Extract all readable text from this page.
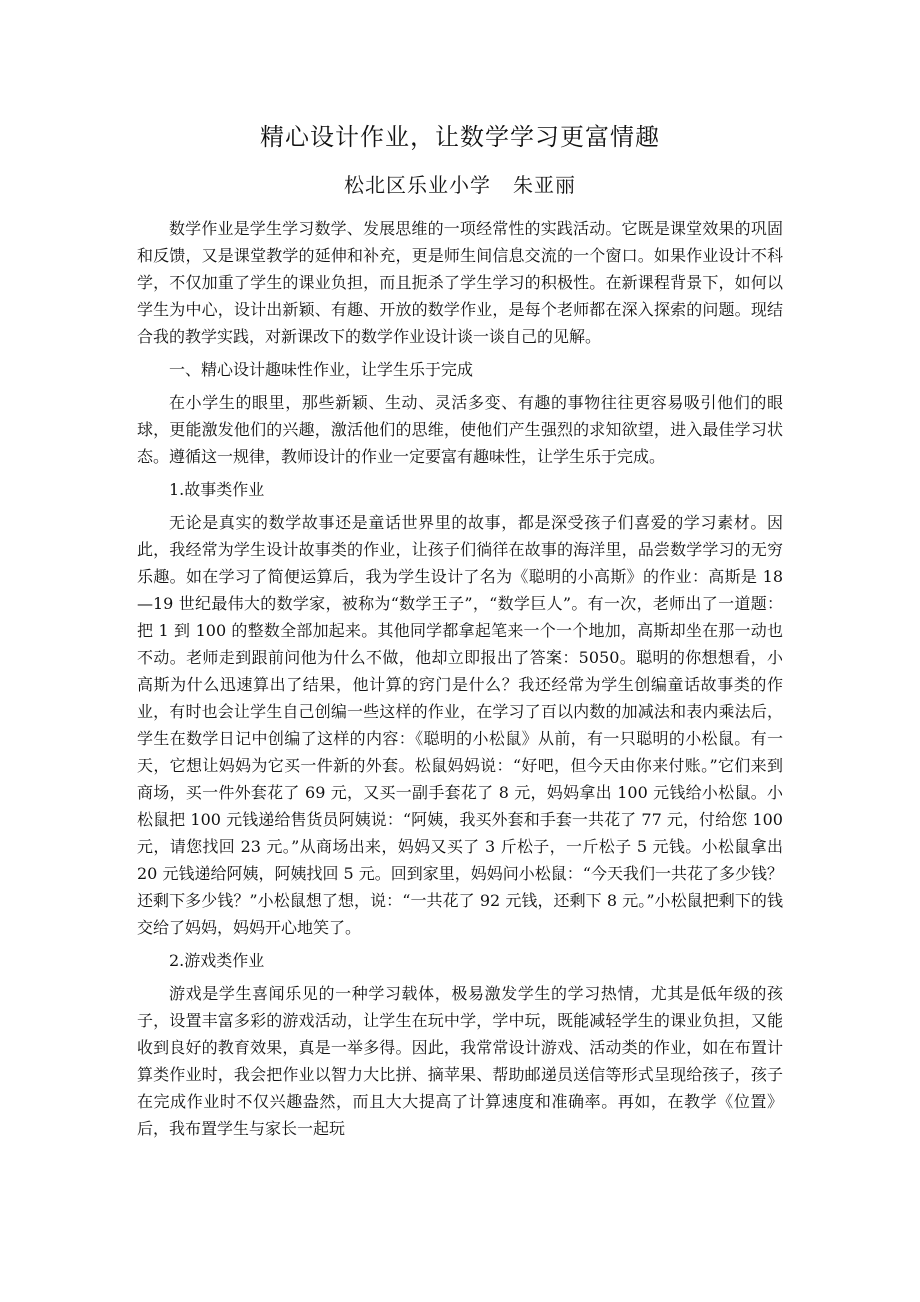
精心设计作业，让数学学习更富情趣
松北区乐业小学 朱亚丽

数学作业是学生学习数学、发展思维的一项经常性的实践活动。它既是课堂效果的巩固和反馈，又是课堂教学的延伸和补充，更是师生间信息交流的一个窗口。如果作业设计不科学，不仅加重了学生的课业负担，而且扼杀了学生学习的积极性。在新课程背景下，如何以学生为中心，设计出新颖、有趣、开放的数学作业，是每个老师都在深入探索的问题。现结合我的教学实践，对新课改下的数学作业设计谈一谈自己的见解。

一、精心设计趣味性作业，让学生乐于完成

在小学生的眼里，那些新颖、生动、灵活多变、有趣的事物往往更容易吸引他们的眼球，更能激发他们的兴趣，激活他们的思维，使他们产生强烈的求知欲望，进入最佳学习状态。遵循这一规律，教师设计的作业一定要富有趣味性，让学生乐于完成。

1.故事类作业

无论是真实的数学故事还是童话世界里的故事，都是深受孩子们喜爱的学习素材。因此，我经常为学生设计故事类的作业，让孩子们徜徉在故事的海洋里，品尝数学学习的无穷乐趣。如在学习了简便运算后，我为学生设计了名为《聪明的小高斯》的作业：高斯是 18—19 世纪最伟大的数学家，被称为“数学王子”，“数学巨人”。有一次，老师出了一道题：把 1 到 100 的整数全部加起来。其他同学都拿起笔来一个一个地加，高斯却坐在那一动也不动。老师走到跟前问他为什么不做，他却立即报出了答案：5050。聪明的你想想看，小高斯为什么迅速算出了结果，他计算的窍门是什么？我还经常为学生创编童话故事类的作业，有时也会让学生自己创编一些这样的作业，在学习了百以内数的加减法和表内乘法后，学生在数学日记中创编了这样的内容：《聪明的小松鼠》从前，有一只聪明的小松鼠。有一天，它想让妈妈为它买一件新的外套。松鼠妈妈说：“好吧，但今天由你来付账。”它们来到商场，买一件外套花了 69 元，又买一副手套花了 8 元，妈妈拿出 100 元钱给小松鼠。小松鼠把 100 元钱递给售货员阿姨说：“阿姨，我买外套和手套一共花了 77 元，付给您 100 元，请您找回 23 元。”从商场出来，妈妈又买了 3 斤松子，一斤松子 5 元钱。小松鼠拿出 20 元钱递给阿姨，阿姨找回 5 元。回到家里，妈妈问小松鼠：“今天我们一共花了多少钱？还剩下多少钱？”小松鼠想了想，说：“一共花了 92 元钱，还剩下 8 元。”小松鼠把剩下的钱交给了妈妈，妈妈开心地笑了。

2.游戏类作业

游戏是学生喜闻乐见的一种学习载体，极易激发学生的学习热情，尤其是低年级的孩子，设置丰富多彩的游戏活动，让学生在玩中学，学中玩，既能减轻学生的课业负担，又能收到良好的教育效果，真是一举多得。因此，我常常设计游戏、活动类的作业，如在布置计算类作业时，我会把作业以智力大比拼、摘苹果、帮助邮递员送信等形式呈现给孩子，孩子在完成作业时不仅兴趣盎然，而且大大提高了计算速度和准确率。再如，在教学《位置》后，我布置学生与家长一起玩
